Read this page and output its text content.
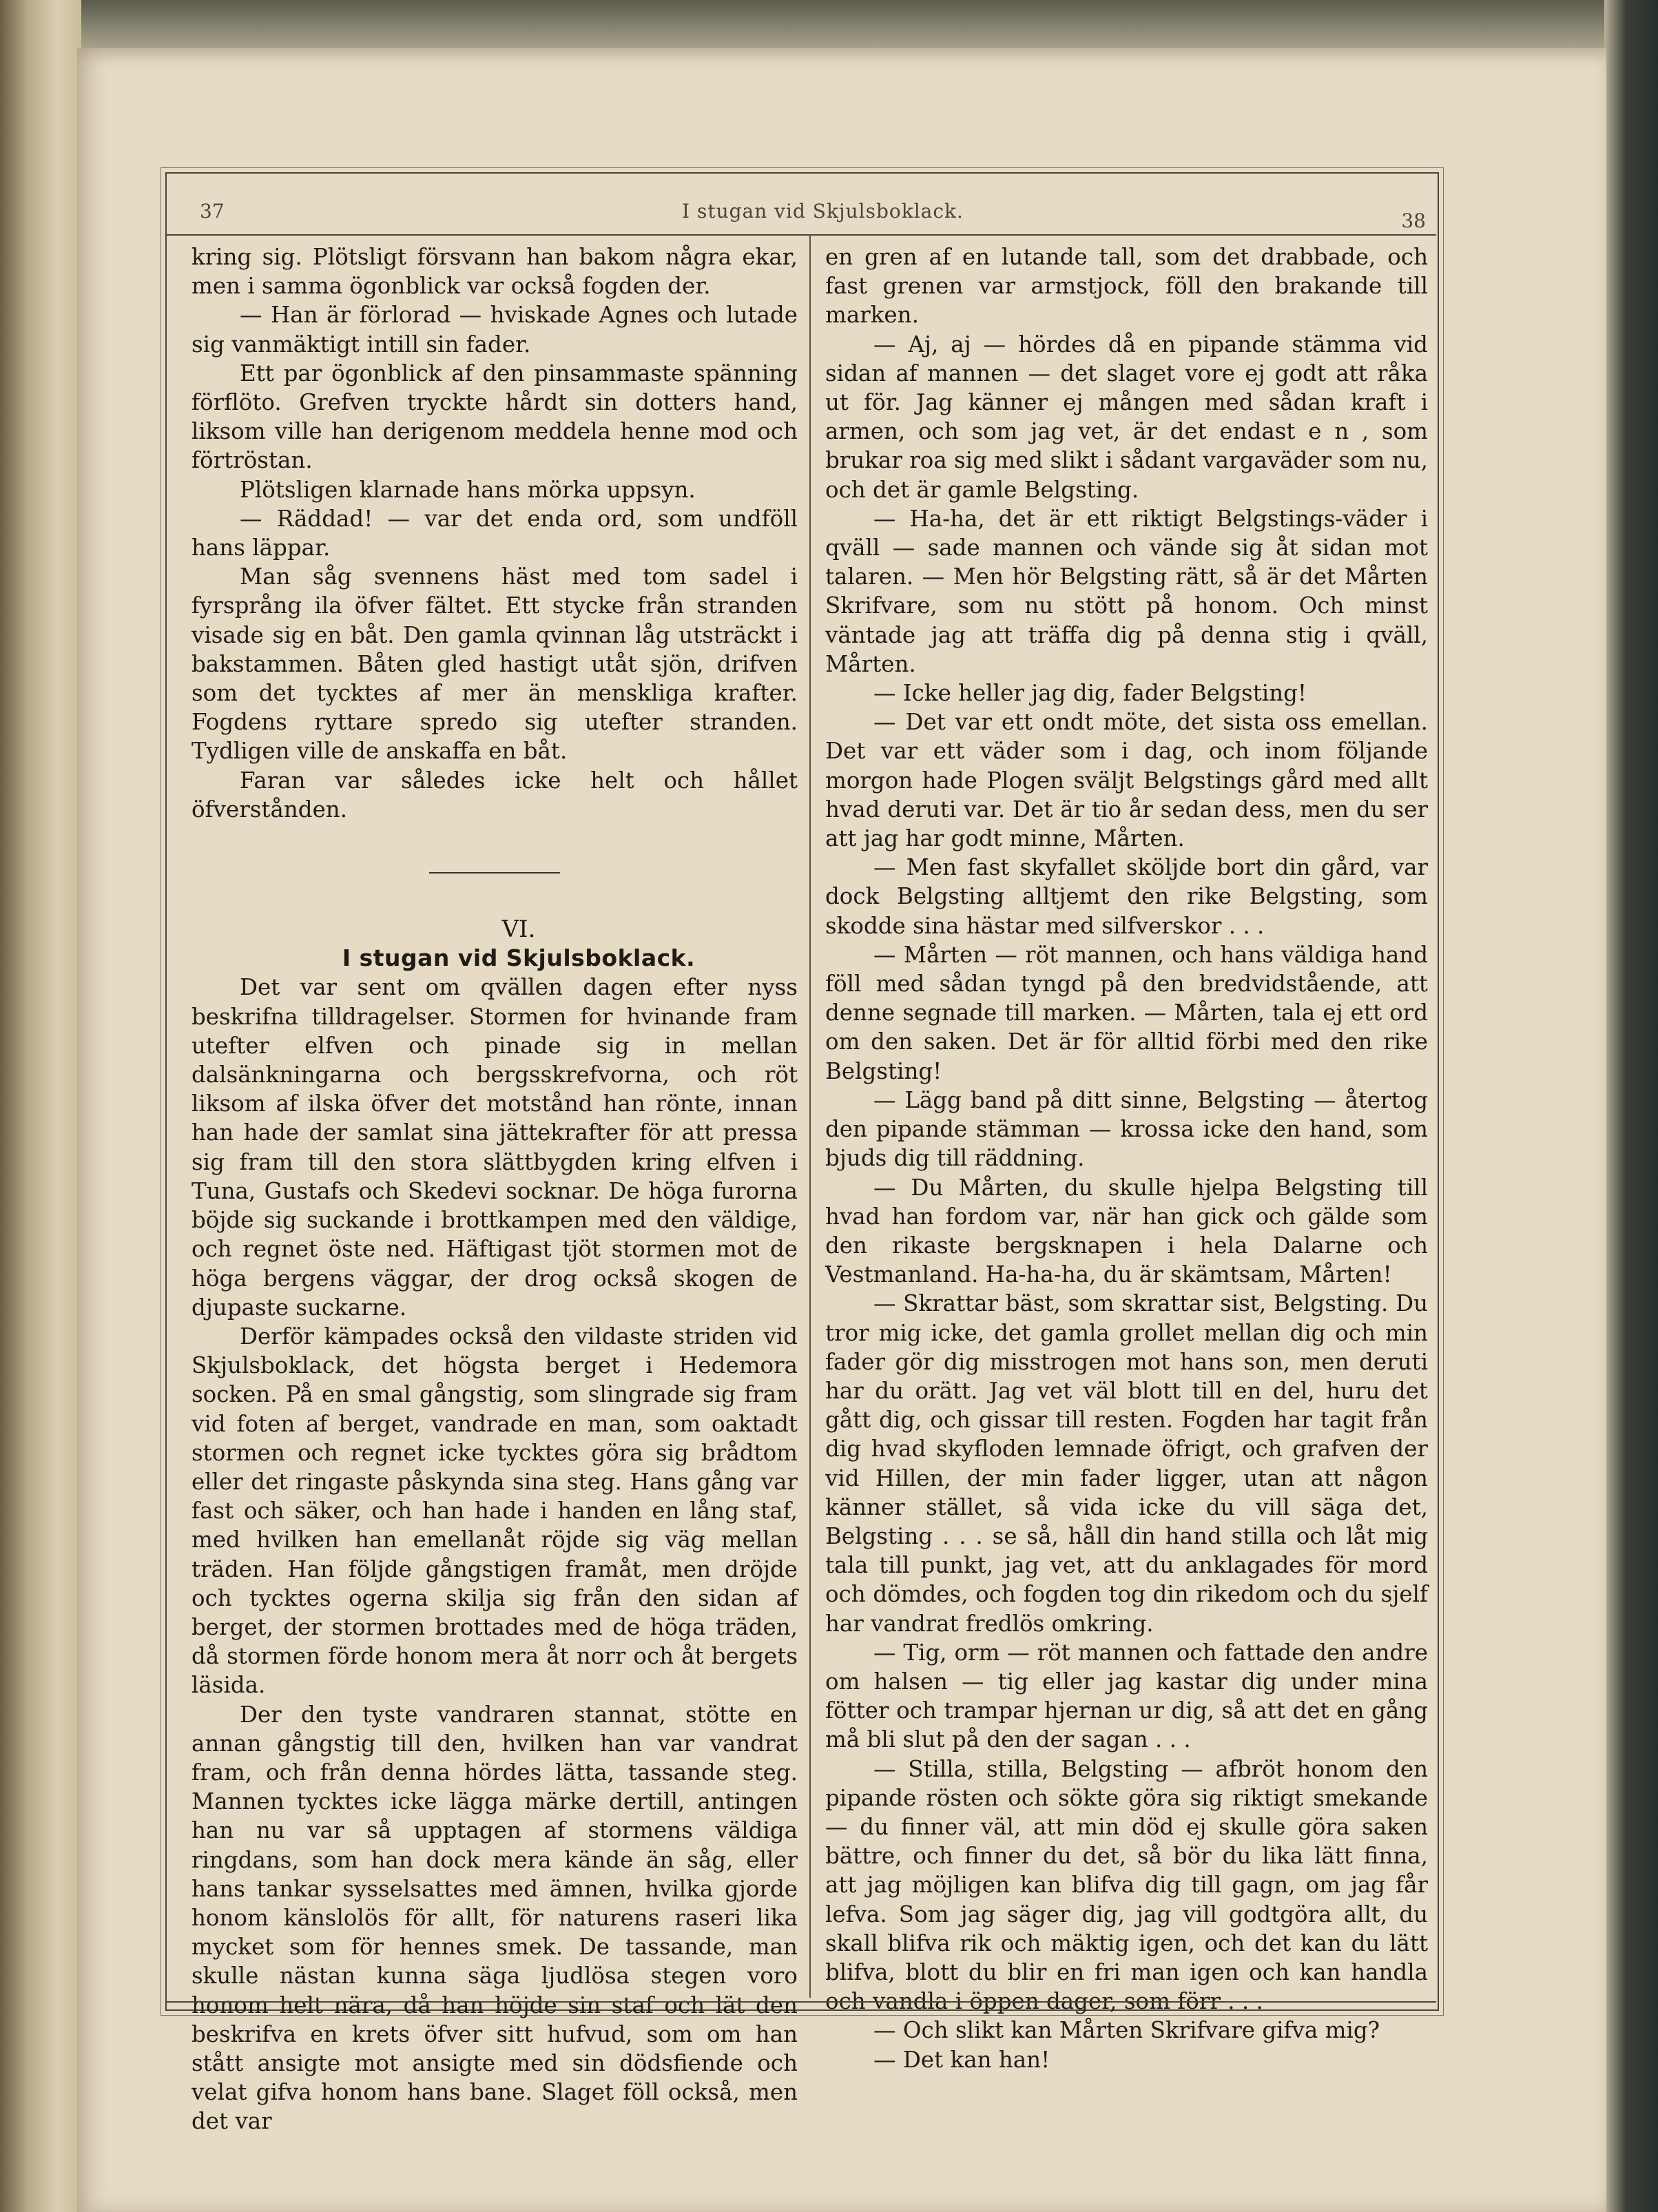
37	I stugan vid Skjulsboklack.	38

kring sig. Plötsligt försvann han bakom några ekar, men i samma ögonblick var också fogden der.

— Han är förlorad — hviskade Agnes och lutade sig vanmäktigt intill sin fader.

Ett par ögonblick af den pinsammaste spänning förflöto. Grefven tryckte hårdt sin dotters hand, liksom ville han derigenom meddela henne mod och förtröstan.

Plötsligen klarnade hans mörka uppsyn.

— Räddad! — var det enda ord, som undföll hans läppar.

Man såg svennens häst med tom sadel i fyrsprång ila öfver fältet. Ett stycke från stranden visade sig en båt. Den gamla qvinnan låg utsträckt i bakstammen. Båten gled hastigt utåt sjön, drifven som det tycktes af mer än menskliga krafter. Fogdens ryttare spredo sig utefter stranden. Tydligen ville de anskaffa en båt.

Faran var således icke helt och hållet öfverstånden.

VI.

I stugan vid Skjulsboklack.

Det var sent om qvällen dagen efter nyss beskrifna tilldragelser. Stormen for hvinande fram utefter elfven och pinade sig in mellan dalsänkningarna och bergsskrefvorna, och röt liksom af ilska öfver det motstånd han rönte, innan han hade der samlat sina jättekrafter för att pressa sig fram till den stora slättbygden kring elfven i Tuna, Gustafs och Skedevi socknar. De höga furorna böjde sig suckande i brottkampen med den väldige, och regnet öste ned. Häftigast tjöt stormen mot de höga bergens väggar, der drog också skogen de djupaste suckarne.

Derför kämpades också den vildaste striden vid Skjulsboklack, det högsta berget i Hedemora socken. På en smal gångstig, som slingrade sig fram vid foten af berget, vandrade en man, som oaktadt stormen och regnet icke tycktes göra sig brådtom eller det ringaste påskynda sina steg. Hans gång var fast och säker, och han hade i handen en lång staf, med hvilken han emellanåt röjde sig väg mellan träden. Han följde gångstigen framåt, men dröjde och tycktes ogerna skilja sig från den sidan af berget, der stormen brottades med de höga träden, då stormen förde honom mera åt norr och åt bergets läsida.

Der den tyste vandraren stannat, stötte en annan gångstig till den, hvilken han var vandrat fram, och från denna hördes lätta, tassande steg. Mannen tycktes icke lägga märke dertill, antingen han nu var så upptagen af stormens väldiga ringdans, som han dock mera kände än såg, eller hans tankar sysselsattes med ämnen, hvilka gjorde honom känslolös för allt, för naturens raseri lika mycket som för hennes smek. De tassande, man skulle nästan kunna säga ljudlösa stegen voro honom helt nära, då han höjde sin staf och lät den beskrifva en krets öfver sitt hufvud, som om han stått ansigte mot ansigte med sin dödsfiende och velat gifva honom hans bane. Slaget föll också, men det var

en gren af en lutande tall, som det drabbade, och fast grenen var armstjock, föll den brakande till marken.

— Aj, aj — hördes då en pipande stämma vid sidan af mannen — det slaget vore ej godt att råka ut för. Jag känner ej mången med sådan kraft i armen, och som jag vet, är det endast e n , som brukar roa sig med slikt i sådant vargaväder som nu, och det är gamle Belgsting.

— Ha-ha, det är ett riktigt Belgstings-väder i qväll — sade mannen och vände sig åt sidan mot talaren. — Men hör Belgsting rätt, så är det Mårten Skrifvare, som nu stött på honom. Och minst väntade jag att träffa dig på denna stig i qväll, Mårten.

— Icke heller jag dig, fader Belgsting!

— Det var ett ondt möte, det sista oss emellan. Det var ett väder som i dag, och inom följande morgon hade Plogen sväljt Belgstings gård med allt hvad deruti var. Det är tio år sedan dess, men du ser att jag har godt minne, Mårten.

— Men fast skyfallet sköljde bort din gård, var dock Belgsting alltjemt den rike Belgsting, som skodde sina hästar med silfverskor . . .

— Mårten — röt mannen, och hans väldiga hand föll med sådan tyngd på den bredvidstående, att denne segnade till marken. — Mårten, tala ej ett ord om den saken. Det är för alltid förbi med den rike Belgsting!

— Lägg band på ditt sinne, Belgsting — återtog den pipande stämman — krossa icke den hand, som bjuds dig till räddning.

— Du Mårten, du skulle hjelpa Belgsting till hvad han fordom var, när han gick och gälde som den rikaste bergsknapen i hela Dalarne och Vestmanland. Ha-ha-ha, du är skämtsam, Mårten!

— Skrattar bäst, som skrattar sist, Belgsting. Du tror mig icke, det gamla grollet mellan dig och min fader gör dig misstrogen mot hans son, men deruti har du orätt. Jag vet väl blott till en del, huru det gått dig, och gissar till resten. Fogden har tagit från dig hvad skyfloden lemnade öfrigt, och grafven der vid Hillen, der min fader ligger, utan att någon känner stället, så vida icke du vill säga det, Belgsting . . . se så, håll din hand stilla och låt mig tala till punkt, jag vet, att du anklagades för mord och dömdes, och fogden tog din rikedom och du sjelf har vandrat fredlös omkring.

— Tig, orm — röt mannen och fattade den andre om halsen — tig eller jag kastar dig under mina fötter och trampar hjernan ur dig, så att det en gång må bli slut på den der sagan . . .

— Stilla, stilla, Belgsting — afbröt honom den pipande rösten och sökte göra sig riktigt smekande — du finner väl, att min död ej skulle göra saken bättre, och finner du det, så bör du lika lätt finna, att jag möjligen kan blifva dig till gagn, om jag får lefva. Som jag säger dig, jag vill godtgöra allt, du skall blifva rik och mäktig igen, och det kan du lätt blifva, blott du blir en fri man igen och kan handla och vandla i öppen dager, som förr . . .

— Och slikt kan Mårten Skrifvare gifva mig?

— Det kan han!
